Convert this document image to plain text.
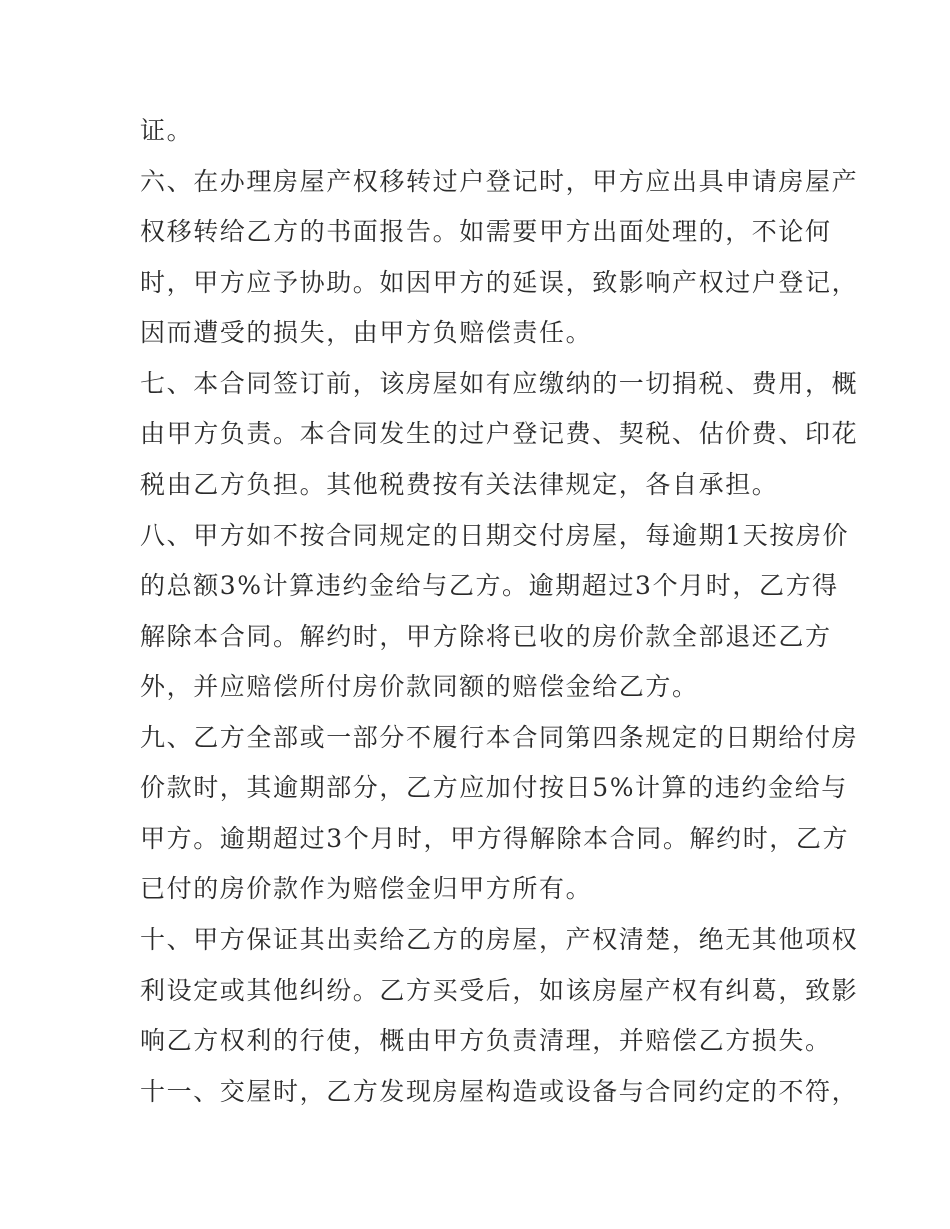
证。
六、在办理房屋产权移转过户登记时，甲方应出具申请房屋产
权移转给乙方的书面报告。如需要甲方出面处理的，不论何
时，甲方应予协助。如因甲方的延误，致影响产权过户登记，
因而遭受的损失，由甲方负赔偿责任。
七、本合同签订前，该房屋如有应缴纳的一切捐税、费用，概
由甲方负责。本合同发生的过户登记费、契税、估价费、印花
税由乙方负担。其他税费按有关法律规定，各自承担。
八、甲方如不按合同规定的日期交付房屋，每逾期1天按房价
的总额3%计算违约金给与乙方。逾期超过3个月时，乙方得
解除本合同。解约时，甲方除将已收的房价款全部退还乙方
外，并应赔偿所付房价款同额的赔偿金给乙方。
九、乙方全部或一部分不履行本合同第四条规定的日期给付房
价款时，其逾期部分，乙方应加付按日5%计算的违约金给与
甲方。逾期超过3个月时，甲方得解除本合同。解约时，乙方
已付的房价款作为赔偿金归甲方所有。
十、甲方保证其出卖给乙方的房屋，产权清楚，绝无其他项权
利设定或其他纠纷。乙方买受后，如该房屋产权有纠葛，致影
响乙方权利的行使，概由甲方负责清理，并赔偿乙方损失。
十一、交屋时，乙方发现房屋构造或设备与合同约定的不符，
